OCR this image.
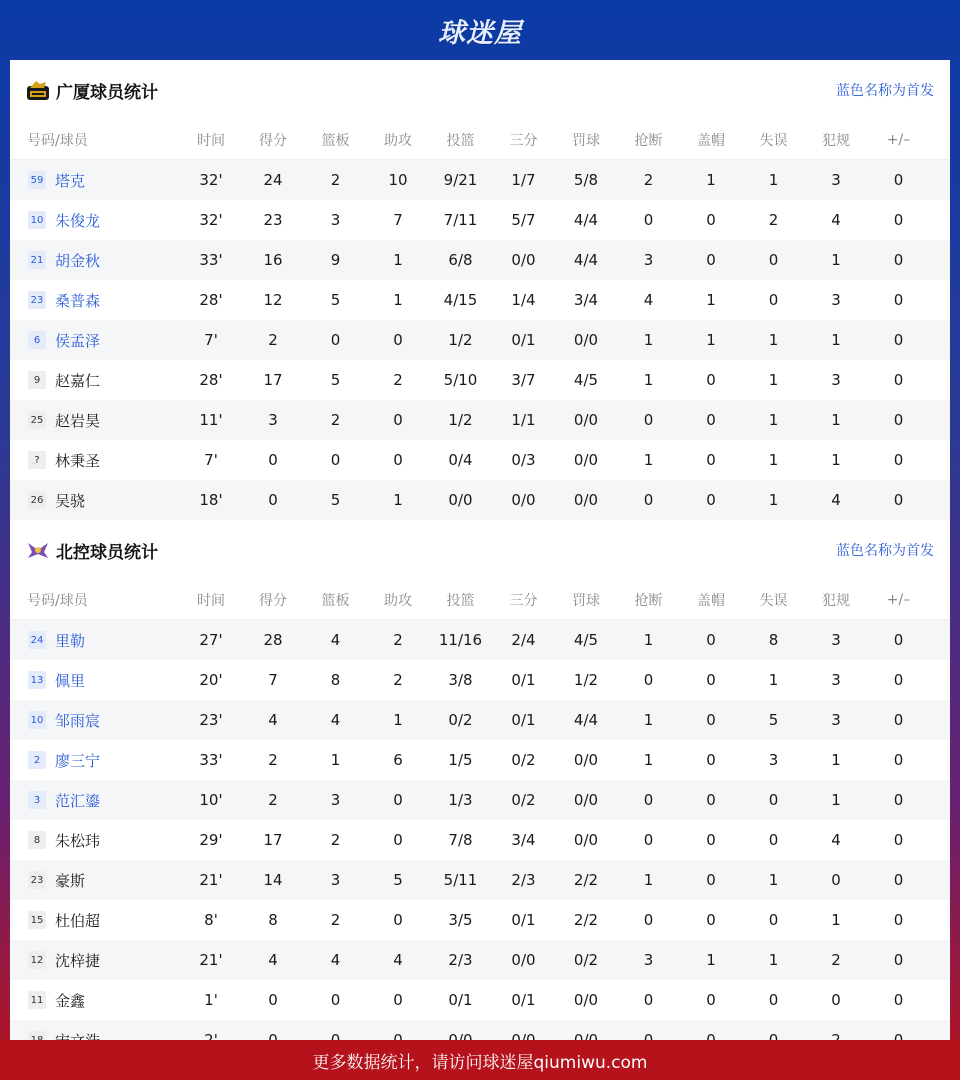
球迷屋
广厦球员统计	蓝色名称为首发
号码/球员	时间	得分	篮板	助攻	投篮	三分	罚球	抢断	盖帽	失误	犯规	+/–
59 塔克	32'	24	2	10	9/21	1/7	5/8	2	1	1	3	0
10 朱俊龙	32'	23	3	7	7/11	5/7	4/4	0	0	2	4	0
21 胡金秋	33'	16	9	1	6/8	0/0	4/4	3	0	0	1	0
23 桑普森	28'	12	5	1	4/15	1/4	3/4	4	1	0	3	0
6 侯孟泽	7'	2	0	0	1/2	0/1	0/0	1	1	1	1	0
9 赵嘉仁	28'	17	5	2	5/10	3/7	4/5	1	0	1	3	0
25 赵岩昊	11'	3	2	0	1/2	1/1	0/0	0	0	1	1	0
?	林秉圣	7'	0	0	0	0/4	0/3	0/0	1	0	1	1	0
26 吴骁	18'	0	5	1	0/0	0/0	0/0	0	0	1	4	0
北控球员统计	蓝色名称为首发
号码/球员	时间	得分	篮板	助攻	投篮	三分	罚球	抢断	盖帽	失误	犯规	+/–
24 里勒	27'	28	4	2	11/16	2/4	4/5	1	0	8	3	0
13 佩里	20'	7	8	2	3/8	0/1	1/2	0	0	1	3	0
10 邹雨宸	23'	4	4	1	0/2	0/1	4/4	1	0	5	3	0
2 廖三宁	33'	2	1	6	1/5	0/2	0/0	1	0	3	1	0
3 范汇鎏	10'	2	3	0	1/3	0/2	0/0	0	0	0	1	0
8 朱松玮	29'	17	2	0	7/8	3/4	0/0	0	0	0	4	0
23 豪斯	21'	14	3	5	5/11	2/3	2/2	1	0	1	0	0
15 杜伯超	8'	8	2	0	3/5	0/1	2/2	0	0	0	1	0
12 沈梓捷	21'	4	4	4	2/3	0/0	0/2	3	1	1	2	0
11 金鑫	1'	0	0	0	0/1	0/1	0/0	0	0	0	0	0
更多数据统计，请访问球迷屋qiumiwu.com
